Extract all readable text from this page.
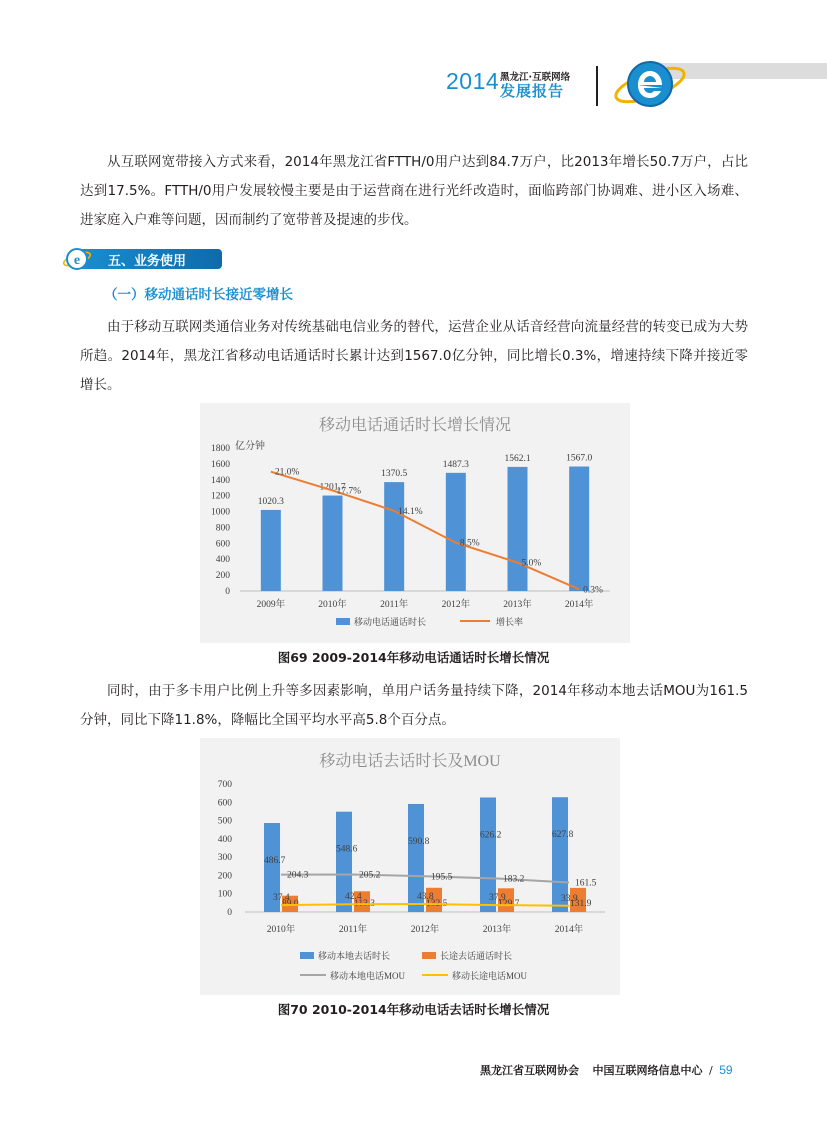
2014 黑龙江·互联网络
发展报告

从互联网宽带接入方式来看，2014年黑龙江省FTTH/0用户达到84.7万户，比2013年增长50.7万户，占比达到17.5%。FTTH/0用户发展较慢主要是由于运营商在进行光纤改造时，面临跨部门协调难、进小区入场难、进家庭入户难等问题，因而制约了宽带普及提速的步伐。

e 五、业务使用
（一）移动通话时长接近零增长

由于移动互联网类通信业务对传统基础电信业务的替代，运营企业从话音经营向流量经营的转变已成为大势所趋。2014年，黑龙江省移动电话通话时长累计达到1567.0亿分钟，同比增长0.3%，增速持续下降并接近零增长。

移动电话通话时长增长情况
亿分钟
0
200
400
600
800
1000
1200
1400
1600
1800
1020.3
2009年
1201.7
2010年
1370.5
2011年
1487.3
2012年
1562.1
2013年
1567.0
2014年
21.0%
17.7%
14.1%
8.5%
5.0%
0.3%
移动电话通话时长	增长率
图69 2009-2014年移动电话通话时长增长情况

同时，由于多卡用户比例上升等多因素影响，单用户话务量持续下降，2014年移动本地去话MOU为161.5分钟，同比下降11.8%，降幅比全国平均水平高5.8个百分点。

移动电话去话时长及MOU
0
100
200
300
400
500
600
700
486.7
89.0
2010年
548.6
113.3
2011年
590.8
132.5
2012年
626.2
129.7
2013年
627.8
131.9
2014年
204.3	205.2	195.5	183.2	161.5
37.4	42.4	43.8	37.9	33.9
移动本地去话时长	长途去话通话时长
移动本地电话MOU	移动长途电话MOU
图70 2010-2014年移动电话去话时长增长情况
黑龙江省互联网协会 中国互联网络信息中心 / 59
